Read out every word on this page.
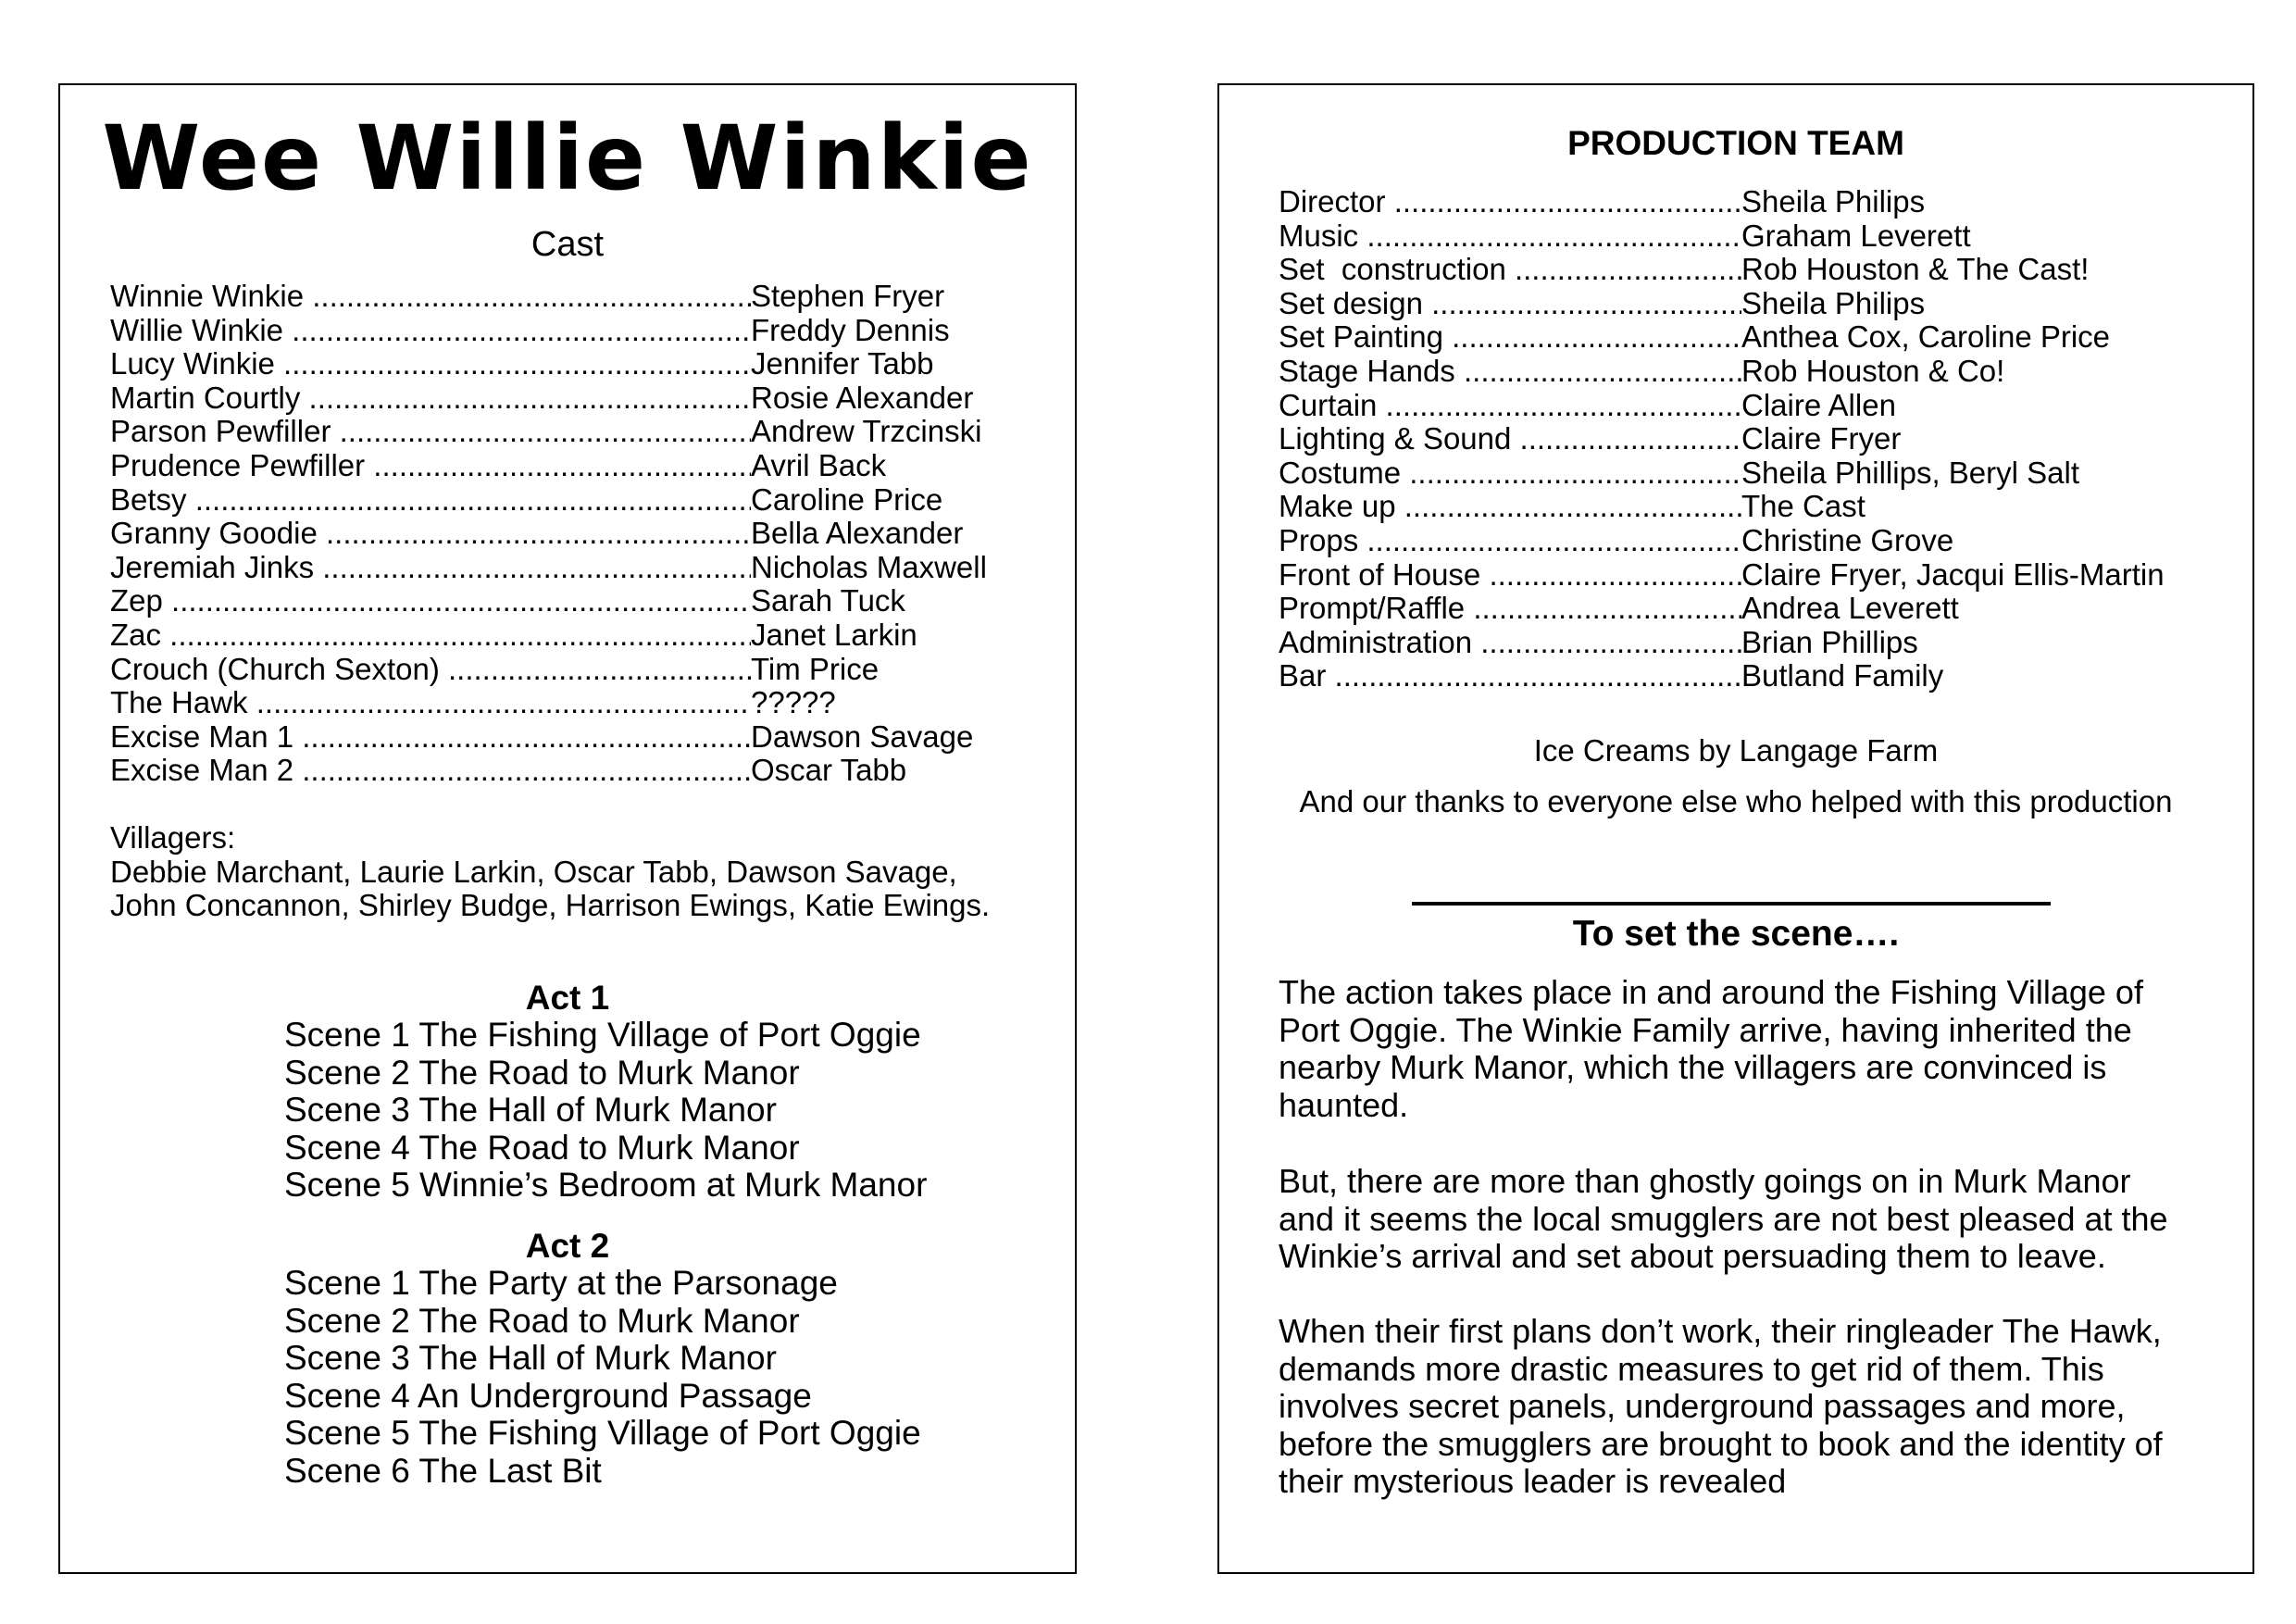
Wee Willie Winkie
Cast
Winnie Winkie .....	Stephen Fryer
Willie Winkie .....	Freddy Dennis
Lucy Winkie .....	Jennifer Tabb
Martin Courtly .....	Rosie Alexander
Parson Pewfiller .....	Andrew Trzcinski
Prudence Pewfiller .....	Avril Back
Betsy .....	Caroline Price
Granny Goodie .....	Bella Alexander
Jeremiah Jinks .....	Nicholas Maxwell
Zep .....	Sarah Tuck
Zac .....	Janet Larkin
Crouch (Church Sexton) .....	Tim Price
The Hawk .....	?????
Excise Man 1 .....	Dawson Savage
Excise Man 2 .....	Oscar Tabb
Villagers:
Debbie Marchant, Laurie Larkin, Oscar Tabb, Dawson Savage,
John Concannon, Shirley Budge, Harrison Ewings, Katie Ewings.
Act 1
Scene 1 The Fishing Village of Port Oggie
Scene 2 The Road to Murk Manor
Scene 3 The Hall of Murk Manor
Scene 4 The Road to Murk Manor
Scene 5 Winnie’s Bedroom at Murk Manor
Act 2
Scene 1 The Party at the Parsonage
Scene 2 The Road to Murk Manor
Scene 3 The Hall of Murk Manor
Scene 4 An Underground Passage
Scene 5 The Fishing Village of Port Oggie
Scene 6 The Last Bit
PRODUCTION TEAM
Director .....	Sheila Philips
Music .....	Graham Leverett
Set  construction .....	Rob Houston & The Cast!
Set design .....	Sheila Philips
Set Painting .....	Anthea Cox, Caroline Price
Stage Hands .....	Rob Houston & Co!
Curtain .....	Claire Allen
Lighting & Sound .....	Claire Fryer
Costume .....	Sheila Phillips, Beryl Salt
Make up .....	The Cast
Props .....	Christine Grove
Front of House .....	Claire Fryer, Jacqui Ellis-Martin
Prompt/Raffle .....	Andrea Leverett
Administration .....	Brian Phillips
Bar .....	Butland Family
Ice Creams by Langage Farm
And our thanks to everyone else who helped with this production
To set the scene….
The action takes place in and around the Fishing Village of
Port Oggie. The Winkie Family arrive, having inherited the
nearby Murk Manor, which the villagers are convinced is
haunted.
But, there are more than ghostly goings on in Murk Manor
and it seems the local smugglers are not best pleased at the
Winkie’s arrival and set about persuading them to leave.
When their first plans don’t work, their ringleader The Hawk,
demands more drastic measures to get rid of them. This
involves secret panels, underground passages and more,
before the smugglers are brought to book and the identity of
their mysterious leader is revealed
